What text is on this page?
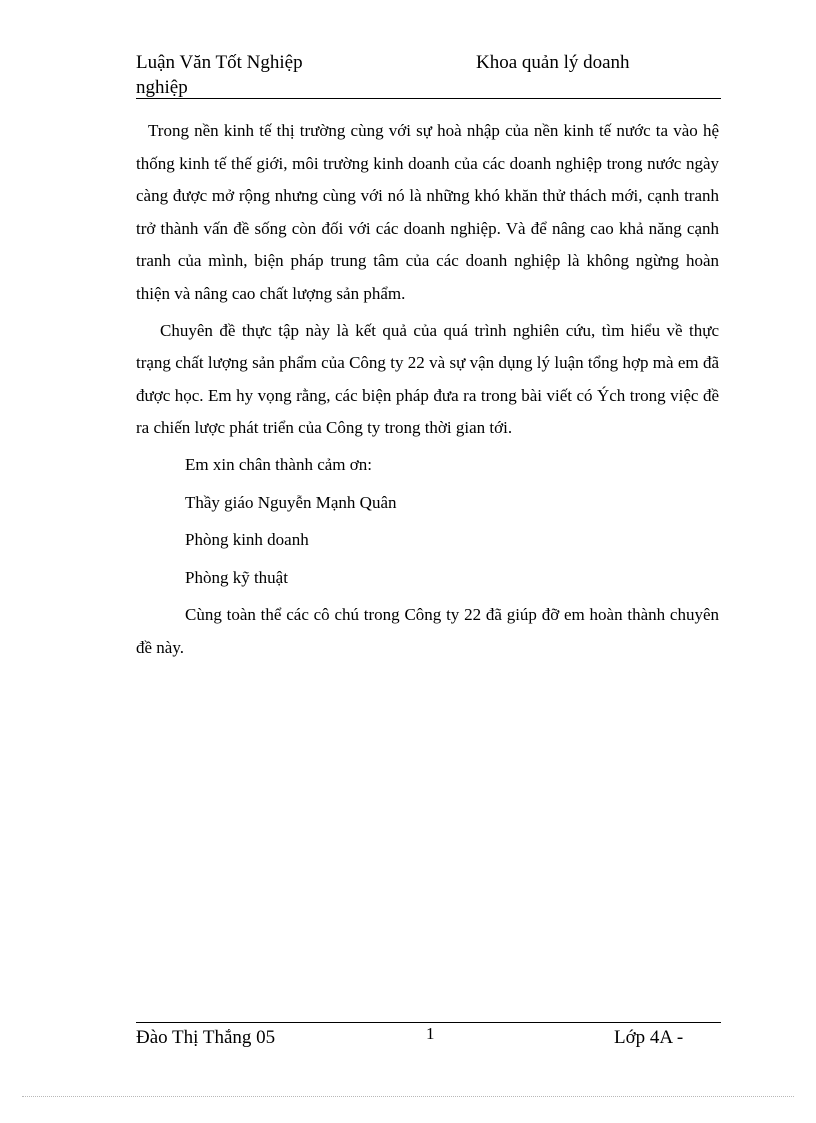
Luận Văn Tốt Nghiệp nghiệp
Khoa quản lý doanh

Trong nền kinh tế thị trường cùng với sự hoà nhập của nền kinh tế nước ta vào hệ thống kinh tế thế giới, môi trường kinh doanh của các doanh nghiệp trong nước ngày càng được mở rộng nhưng cùng với nó là những khó khăn thử thách mới, cạnh tranh trở thành vấn đề sống còn đối với các doanh nghiệp. Và để nâng cao khả năng cạnh tranh của mình, biện pháp trung tâm của các doanh nghiệp là không ngừng hoàn thiện và nâng cao chất lượng sản phẩm.

Chuyên đề thực tập này là kết quả của quá trình nghiên cứu, tìm hiểu về thực trạng chất lượng sản phẩm của Công ty 22 và sự vận dụng lý luận tổng hợp mà em đã được học. Em hy vọng rằng, các biện pháp đưa ra trong bài viết có Ých trong việc đề ra chiến lược phát triển của Công ty trong thời gian tới.

Em xin chân thành cảm ơn:
Thầy giáo Nguyễn Mạnh Quân
Phòng kinh doanh
Phòng kỹ thuật

Cùng toàn thể các cô chú trong Công ty 22 đã giúp đỡ em hoàn thành chuyên đề này.

Đào Thị Thắng 05	1	Lớp 4A -
